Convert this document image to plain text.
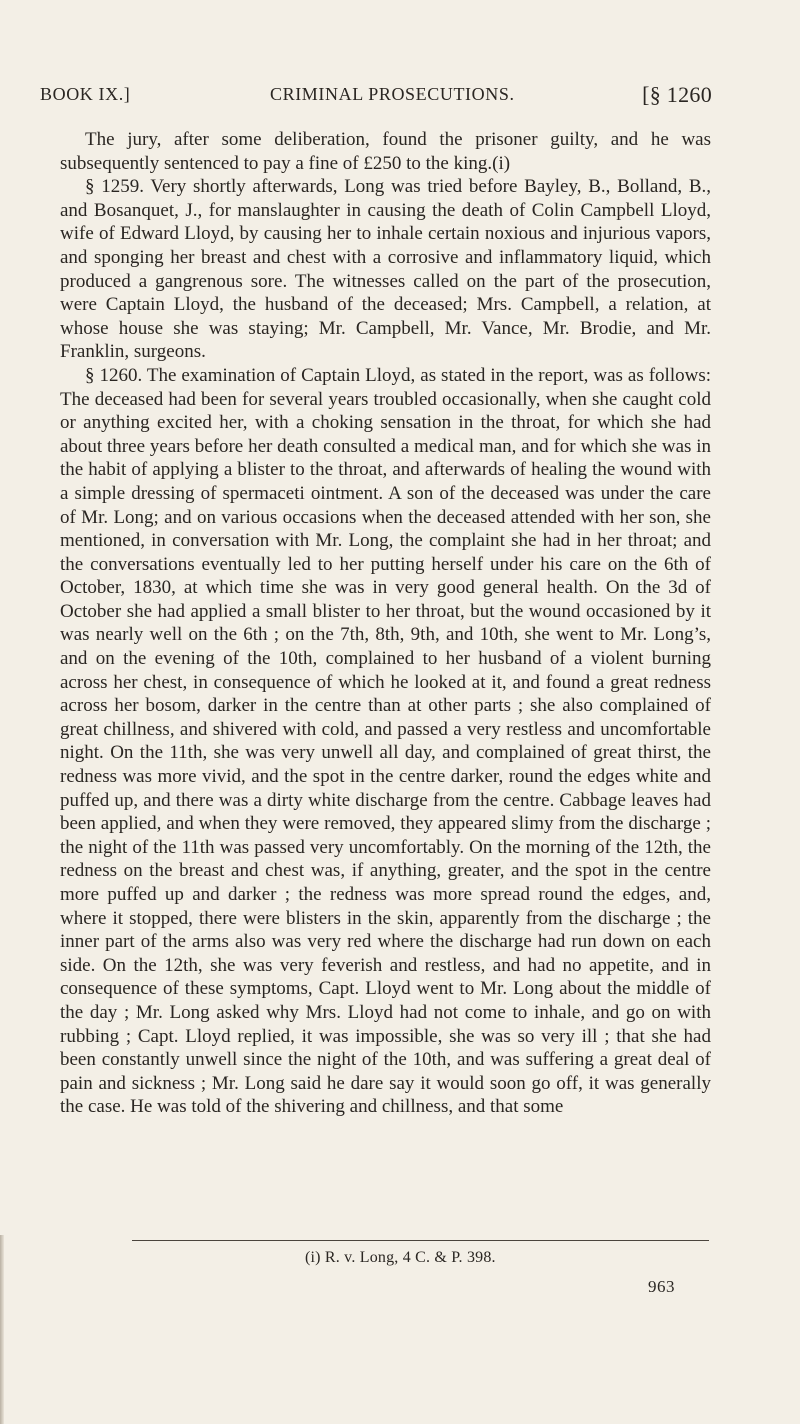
BOOK IX.]	CRIMINAL PROSECUTIONS.	[§ 1260

The jury, after some deliberation, found the prisoner guilty, and he was subsequently sentenced to pay a fine of £250 to the king.(i)

§ 1259. Very shortly afterwards, Long was tried before Bayley, B., Bolland, B., and Bosanquet, J., for manslaughter in causing the death of Colin Campbell Lloyd, wife of Edward Lloyd, by causing her to inhale certain noxious and injurious vapors, and sponging her breast and chest with a corrosive and inflammatory liquid, which produced a gangrenous sore. The witnesses called on the part of the prosecution, were Captain Lloyd, the husband of the deceased; Mrs. Campbell, a relation, at whose house she was staying; Mr. Campbell, Mr. Vance, Mr. Brodie, and Mr. Franklin, surgeons.

§ 1260. The examination of Captain Lloyd, as stated in the report, was as follows: The deceased had been for several years troubled occasionally, when she caught cold or anything excited her, with a choking sensation in the throat, for which she had about three years before her death consulted a medical man, and for which she was in the habit of applying a blister to the throat, and afterwards of healing the wound with a simple dressing of spermaceti ointment. A son of the deceased was under the care of Mr. Long; and on various occasions when the deceased attended with her son, she mentioned, in conversation with Mr. Long, the complaint she had in her throat; and the conversations eventually led to her putting herself under his care on the 6th of October, 1830, at which time she was in very good general health. On the 3d of October she had applied a small blister to her throat, but the wound occasioned by it was nearly well on the 6th ; on the 7th, 8th, 9th, and 10th, she went to Mr. Long’s, and on the evening of the 10th, complained to her husband of a violent burning across her chest, in consequence of which he looked at it, and found a great redness across her bosom, darker in the centre than at other parts ; she also complained of great chillness, and shivered with cold, and passed a very restless and uncomfortable night. On the 11th, she was very unwell all day, and complained of great thirst, the redness was more vivid, and the spot in the centre darker, round the edges white and puffed up, and there was a dirty white discharge from the centre. Cabbage leaves had been applied, and when they were removed, they appeared slimy from the discharge ; the night of the 11th was passed very uncomfortably. On the morning of the 12th, the redness on the breast and chest was, if anything, greater, and the spot in the centre more puffed up and darker ; the redness was more spread round the edges, and, where it stopped, there were blisters in the skin, apparently from the discharge ; the inner part of the arms also was very red where the discharge had run down on each side. On the 12th, she was very feverish and restless, and had no appetite, and in consequence of these symptoms, Capt. Lloyd went to Mr. Long about the middle of the day ; Mr. Long asked why Mrs. Lloyd had not come to inhale, and go on with rubbing ; Capt. Lloyd replied, it was impossible, she was so very ill ; that she had been constantly unwell since the night of the 10th, and was suffering a great deal of pain and sickness ; Mr. Long said he dare say it would soon go off, it was generally the case. He was told of the shivering and chillness, and that some

(i) R. v. Long, 4 C. & P. 398.
963
